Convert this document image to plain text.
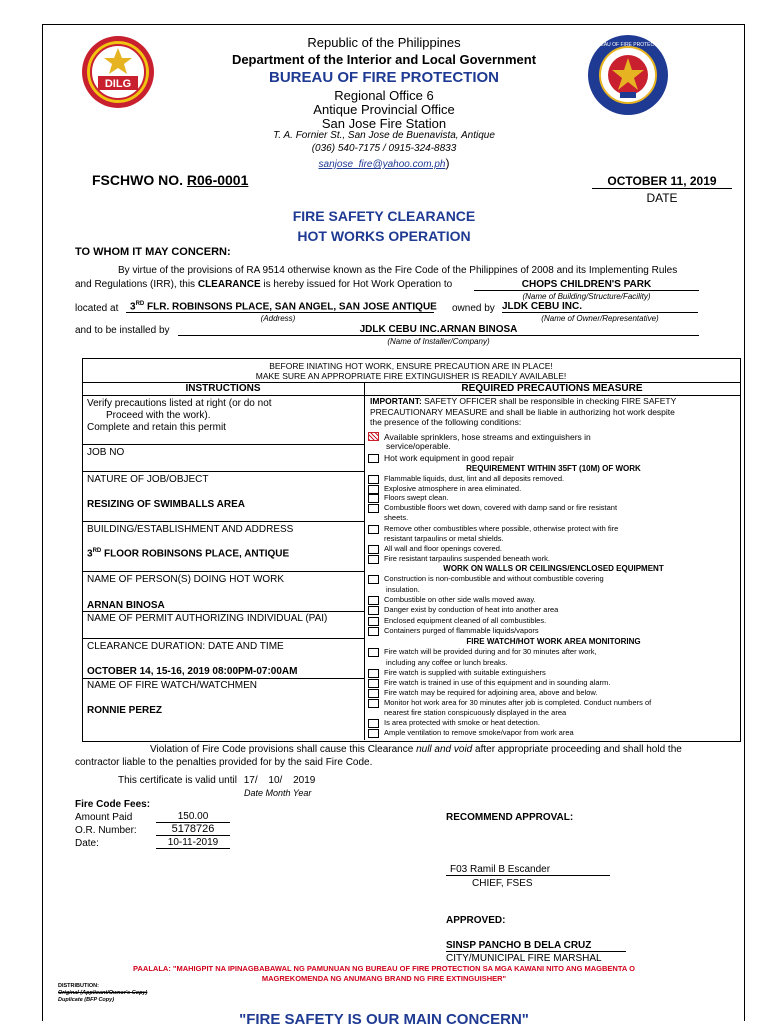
DILG
BUREAU OF FIRE PROTECTION
Republic of the Philippines
Department of the Interior and Local Government
BUREAU OF FIRE PROTECTION
Regional Office 6
Antique Provincial Office
San Jose Fire Station
T. A. Fornier St., San Jose de Buenavista, Antique
(036) 540-7175 / 0915-324-8833
sanjose_fire@yahoo.com.ph)
FSCHWO NO. R06-0001	OCTOBER 11, 2019
DATE
FIRE SAFETY CLEARANCE
HOT WORKS OPERATION
TO WHOM IT MAY CONCERN:
By virtue of the provisions of RA 9514 otherwise known as the Fire Code of the Philippines of 2008 and its Implementing Rules
and Regulations (IRR), this CLEARANCE is hereby issued for Hot Work Operation to	CHOPS CHILDREN'S PARK
(Name of Building/Structure/Facility)
located at	3RD FLR. ROBINSONS PLACE, SAN ANGEL, SAN JOSE ANTIQUE
(Address)
owned by JLDK CEBU INC.
(Name of Owner/Representative)
and to be installed by	JDLK CEBU INC.ARNAN BINOSA
(Name of Installer/Company)
BEFORE INIATING HOT WORK, ENSURE PRECAUTION ARE IN PLACE!
MAKE SURE AN APPROPRIATE FIRE EXTINGUISHER IS READILY AVAILABLE!
INSTRUCTIONS	REQUIRED PRECAUTIONS MEASURE
Verify precautions listed at right (or do not
Proceed with the work).
Complete and retain this permit
JOB NO
NATURE OF JOB/OBJECT
RESIZING OF SWIMBALLS AREA
BUILDING/ESTABLISHMENT AND ADDRESS
3RD FLOOR ROBINSONS PLACE, ANTIQUE
NAME OF PERSON(S) DOING HOT WORK
ARNAN BINOSA
NAME OF PERMIT AUTHORIZING INDIVIDUAL (PAI)
CLEARANCE DURATION: DATE AND TIME
OCTOBER 14, 15-16, 2019 08:00PM-07:00AM
NAME OF FIRE WATCH/WATCHMEN
RONNIE PEREZ
IMPORTANT: SAFETY OFFICER shall be responsible in checking FIRE SAFETY
PRECAUTIONARY MEASURE and shall be liable in authorizing hot work despite
the presence of the following conditions:
Available sprinklers, hose streams and extinguishers in
service/operable.
Hot work equipment in good repair
REQUIREMENT WITHIN 35FT (10M) OF WORK
Flammable liquids, dust, lint and all deposits removed.
Explosive atmosphere in area eliminated.
Floors swept clean.
Combustible floors wet down, covered with damp sand or fire resistant
sheets.
Remove other combustibles where possible, otherwise protect with fire
resistant tarpaulins or metal shields.
All wall and floor openings covered.
Fire resistant tarpaulins suspended beneath work.
WORK ON WALLS OR CEILINGS/ENCLOSED EQUIPMENT
Construction is non-combustible and without combustible covering
insulation.
Combustible on other side walls moved away.
Danger exist by conduction of heat into another area
Enclosed equipment cleaned of all combustibles.
Containers purged of flammable liquids/vapors
FIRE WATCH/HOT WORK AREA MONITORING
Fire watch will be provided during and for 30 minutes after work,
including any coffee or lunch breaks.
Fire watch is supplied with suitable extinguishers
Fire watch is trained in use of this equipment and in sounding alarm.
Fire watch may be required for adjoining area, above and below.
Monitor hot work area for 30 minutes after job is completed. Conduct numbers of
nearest fire station conspicuously displayed in the area
Is area protected with smoke or heat detection.
Ample ventilation to remove smoke/vapor from work area
Violation of Fire Code provisions shall cause this Clearance null and void after appropriate proceeding and shall hold the
contractor liable to the penalties provided for by the said Fire Code.
This certificate is valid until 17/ 10/ 2019
Date Month Year
Fire Code Fees:
Amount Paid	150.00
O.R. Number:	5178726
Date:	10-11-2019
RECOMMEND APPROVAL:
F03 Ramil B Escander
CHIEF, FSES
APPROVED:
SINSP PANCHO B DELA CRUZ
CITY/MUNICIPAL FIRE MARSHAL
PAALALA: "MAHIGPIT NA IPINAGBABAWAL NG PAMUNUAN NG BUREAU OF FIRE PROTECTION SA MGA KAWANI NITO ANG MAGBENTA O
MAGREKOMENDA NG ANUMANG BRAND NG FIRE EXTINGUISHER"
DISTRIBUTION:
Original (Applicant/Owner's Copy)
Duplicate (BFP Copy)
"FIRE SAFETY IS OUR MAIN CONCERN"
